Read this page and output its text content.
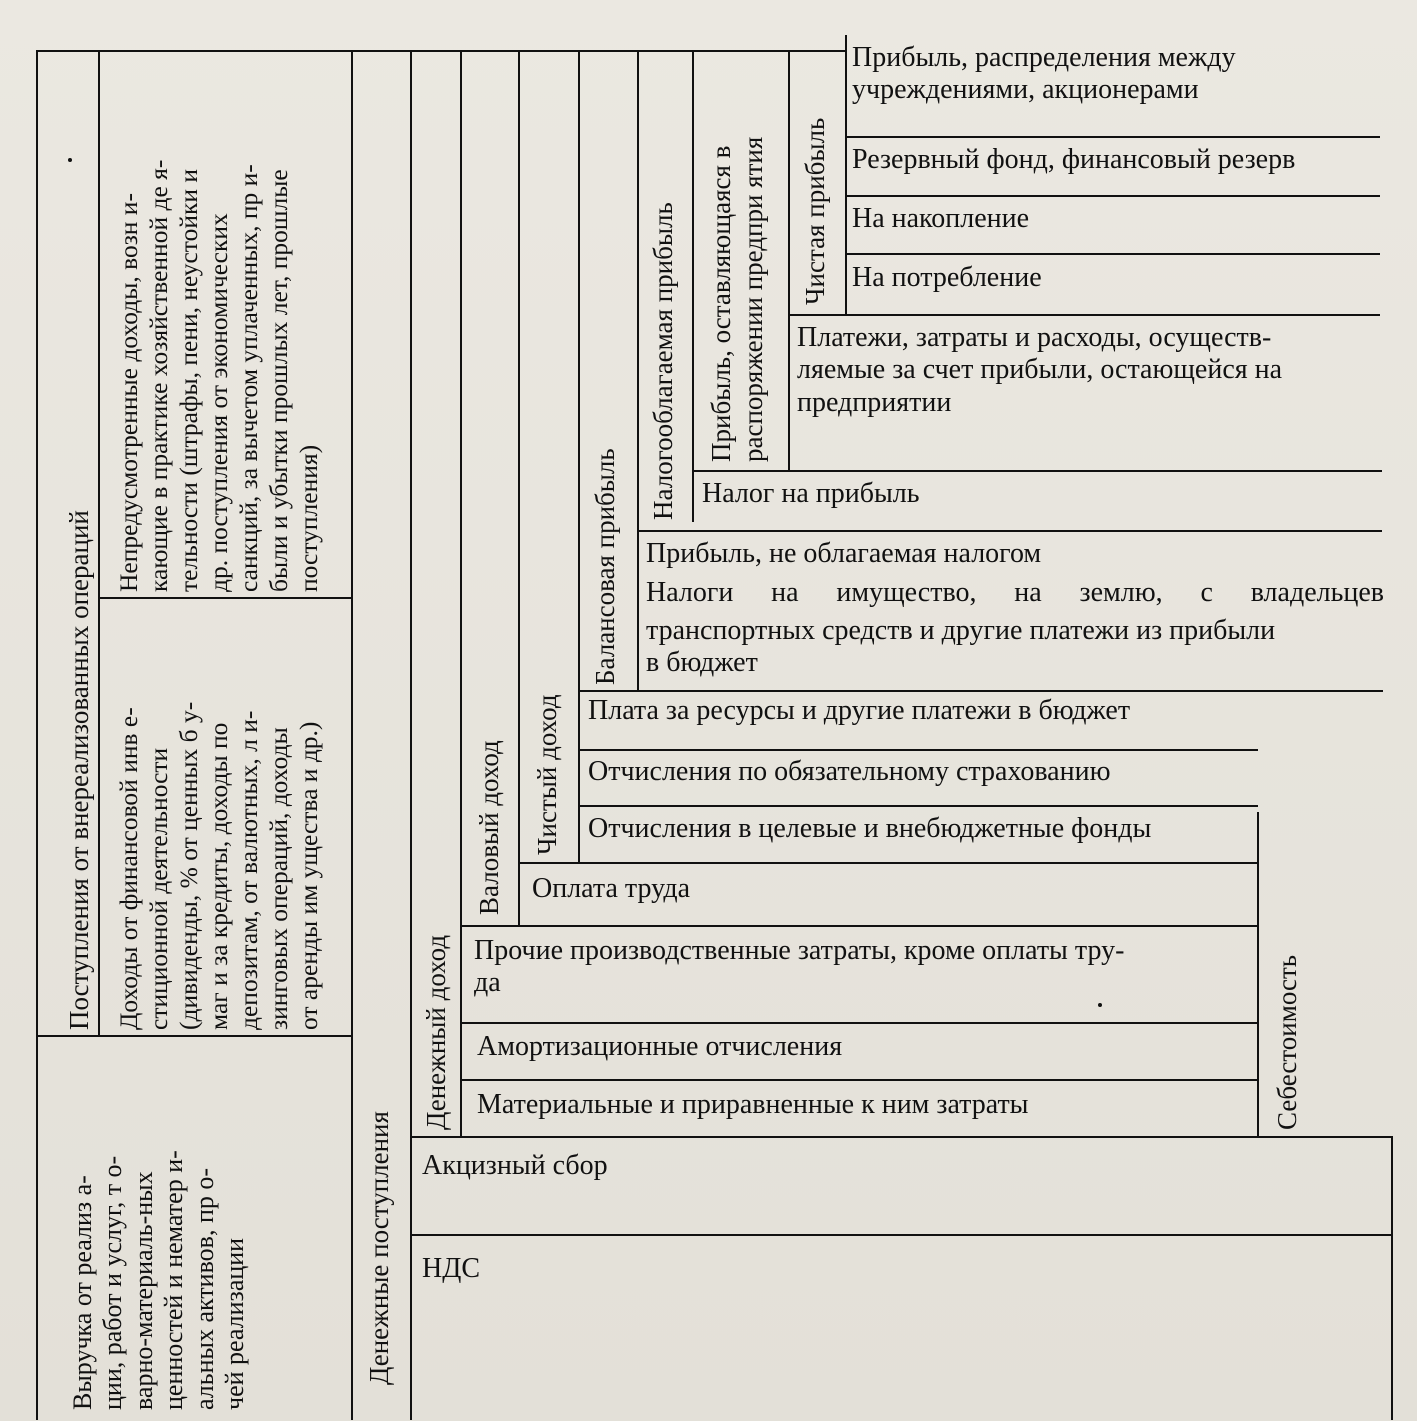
Выручка от реализ а-
ции, работ и услуг, т о-
варно-материаль-ных
ценностей и нематер и-
альных активов, пр о-
чей реализации
Поступления от внереализованных операций Доходы от финансовой инв е-
стиционной деятельности
(дивиденды, % от ценных б у-
маг и за кредиты, доходы по
депозитам, от валютных, л и-
зинговых операций, доходы
от аренды им ущества и др.)
Непредусмотренные доходы, возн и-
кающие в практике хозяйственной де я-
тельности (штрафы, пени, неустойки и
др. поступления от экономических
санкций, за вычетом уплаченных, пр и-
были и убытки прошлых лет, прошлые
поступления)
Денежные поступления
Денежный доход
Валовый доход Чистый доход
Балансовая прибыль
Налогооблагаемая прибыль Прибыль, оставляющаяся в
распоряжении предпри ятия Чистая прибыль
Себестоимость
Прибыль, распределения между
учреждениями, акционерами
Резервный фонд, финансовый резерв
На накопление
На потребление
Платежи, затраты и расходы, осуществ-
ляемые за счет прибыли, остающейся на
предприятии
Налог на прибыль
Прибыль, не облагаемая налогом
Налоги на имущество, на землю, с владельцев
транспортных средств и другие платежи из прибыли
в бюджет
Плата за ресурсы и другие платежи в бюджет
Отчисления по обязательному страхованию
Отчисления в целевые и внебюджетные фонды
Оплата труда
Прочие производственные затраты, кроме оплаты тру-
да
Амортизационные отчисления
Материальные и приравненные к ним затраты
Акцизный сбор
НДС
